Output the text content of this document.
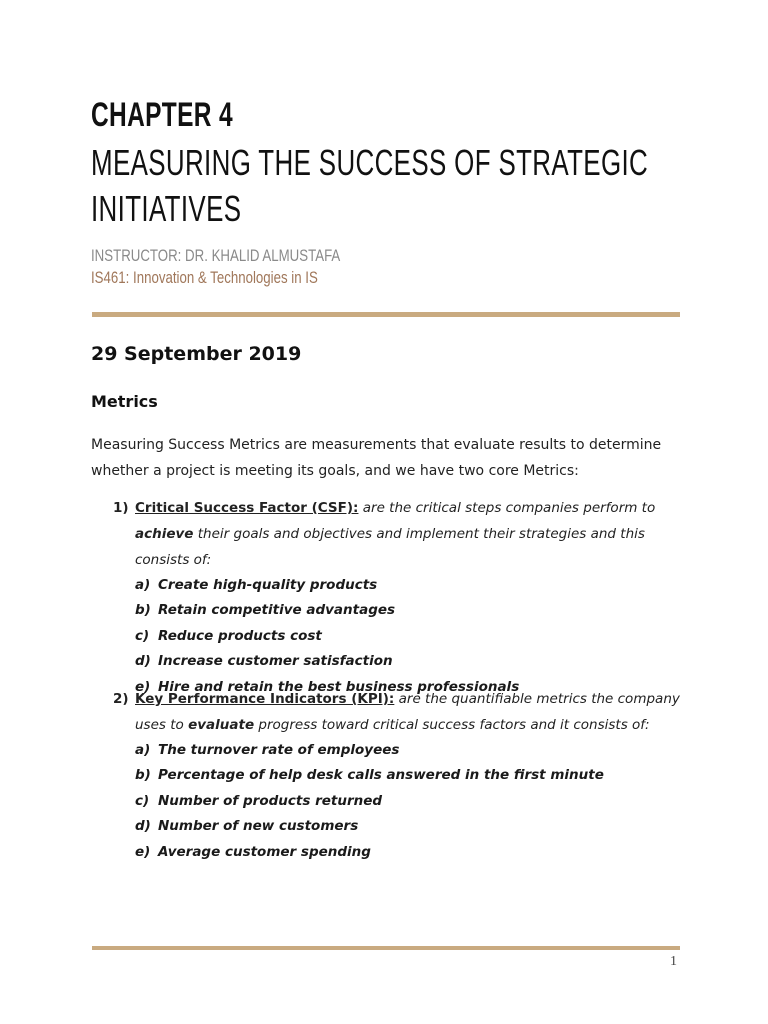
CHAPTER 4
MEASURING THE SUCCESS OF STRATEGIC
INITIATIVES
INSTRUCTOR: DR. KHALID ALMUSTAFA
IS461: Innovation & Technologies in IS
29 September 2019
Metrics
Measuring Success Metrics are measurements that evaluate results to determine whether a project is meeting its goals, and we have two core Metrics:
1) Critical Success Factor (CSF): are the critical steps companies perform to achieve their goals and objectives and implement their strategies and this consists of:
a) Create high-quality products
b) Retain competitive advantages
c) Reduce products cost
d) Increase customer satisfaction
e) Hire and retain the best business professionals
2) Key Performance Indicators (KPI): are the quantifiable metrics the company uses to evaluate progress toward critical success factors and it consists of:
a) The turnover rate of employees
b) Percentage of help desk calls answered in the first minute
c) Number of products returned
d) Number of new customers
e) Average customer spending
1
